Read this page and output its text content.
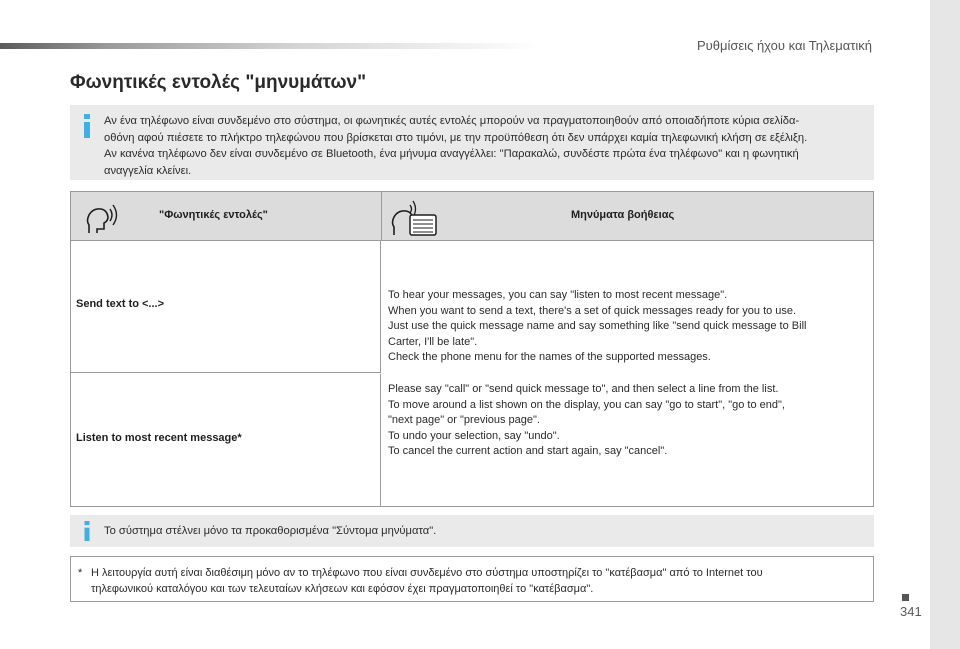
Ρυθμίσεις ήχου και Τηλεματική
Φωνητικές εντολές "μηνυμάτων"

Αν ένα τηλέφωνο είναι συνδεμένο στο σύστημα, οι φωνητικές αυτές εντολές μπορούν να πραγματοποιηθούν από οποιαδήποτε κύρια σελίδα-

οθόνη αφού πιέσετε το πλήκτρο τηλεφώνου που βρίσκεται στο τιμόνι, με την προϋπόθεση ότι δεν υπάρχει καμία τηλεφωνική κλήση σε εξέλιξη.

Αν κανένα τηλέφωνο δεν είναι συνδεμένο σε Bluetooth, ένα μήνυμα αναγγέλλει: "Παρακαλώ, συνδέστε πρώτα ένα τηλέφωνο" και η φωνητική

αναγγελία κλείνει.

"Φωνητικές εντολές"	Μηνύματα βοήθειας
Send text to <...>
Listen to most recent message*

To hear your messages, you can say "listen to most recent message".

When you want to send a text, there's a set of quick messages ready for you to use.

Just use the quick message name and say something like "send quick message to Bill

Carter, I'll be late".

Check the phone menu for the names of the supported messages.

Please say "call" or "send quick message to", and then select a line from the list.

To move around a list shown on the display, you can say "go to start", "go to end",

"next page" or "previous page".

To undo your selection, say "undo".

To cancel the current action and start again, say "cancel".

Το σύστημα στέλνει μόνο τα προκαθορισμένα "Σύντομα μηνύματα".

* Η λειτουργία αυτή είναι διαθέσιμη μόνο αν το τηλέφωνο που είναι συνδεμένο στο σύστημα υποστηρίζει το "κατέβασμα" από το Internet του
τηλεφωνικού καταλόγου και των τελευταίων κλήσεων και εφόσον έχει πραγματοποιηθεί το "κατέβασμα".
341
